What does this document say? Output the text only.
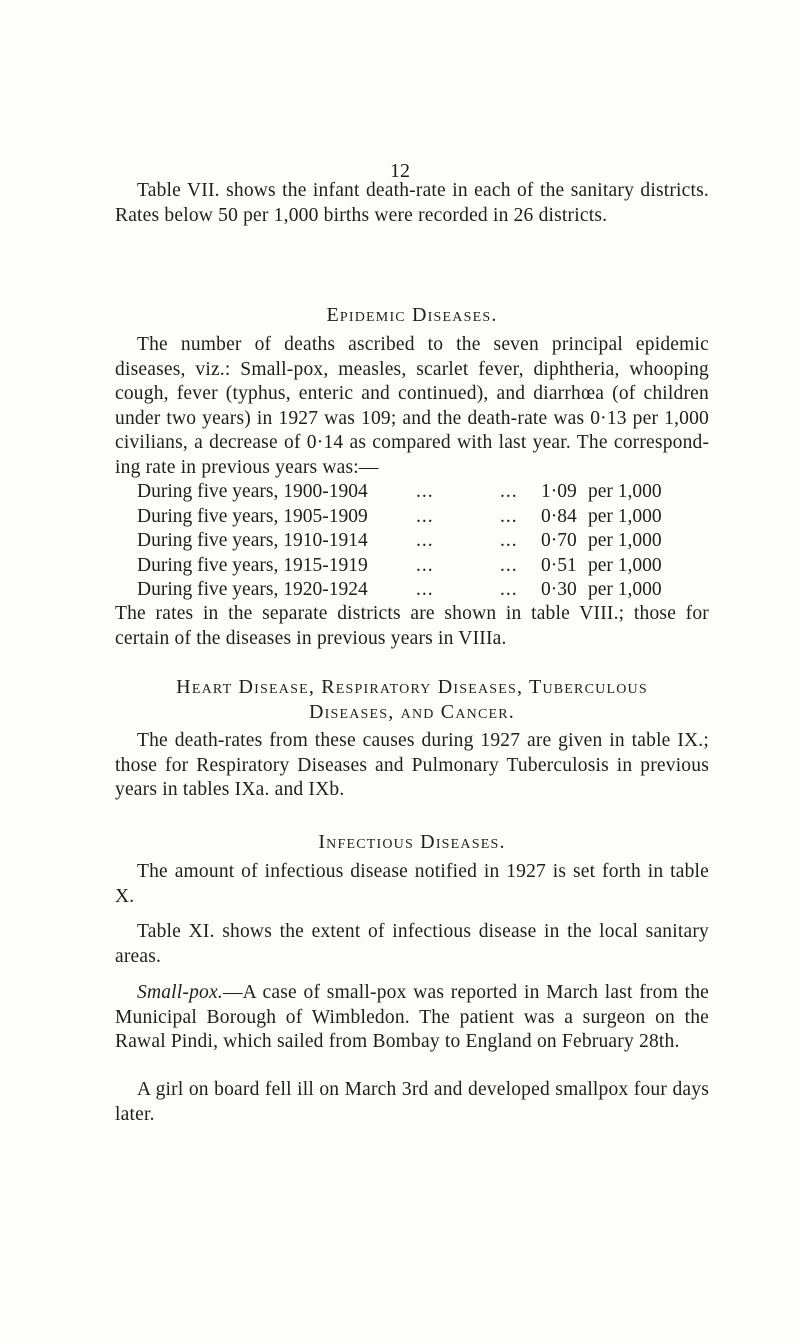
12

Table VII. shows the infant death-rate in each of the sanitary districts. Rates below 50 per 1,000 births were recorded in 26 districts.

Epidemic Diseases.

The number of deaths ascribed to the seven principal epidemic diseases, viz.: Small-pox, measles, scarlet fever, diphtheria, whooping cough, fever (typhus, enteric and continued), and diarrhœa (of children under two years) in 1927 was 109; and the death-rate was 0·13 per 1,000 civilians, a decrease of 0·14 as compared with last year. The corresponding rate in previous years was:—

During five years, 1900-1904 ...	... 1·09 per 1,000
During five years, 1905-1909 ...	... 0·84 per 1,000
During five years, 1910-1914 ...	... 0·70 per 1,000
During five years, 1915-1919 ...	... 0·51 per 1,000
During five years, 1920-1924 ...	... 0·30 per 1,000

The rates in the separate districts are shown in table VIII.; those for certain of the diseases in previous years in VIIIa.

Heart Disease, Respiratory Diseases, Tuberculous
Diseases, and Cancer.

The death-rates from these causes during 1927 are given in table IX.; those for Respiratory Diseases and Pulmonary Tuberculosis in previous years in tables IXa. and IXb.

Infectious Diseases.

The amount of infectious disease notified in 1927 is set forth in table X.

Table XI. shows the extent of infectious disease in the local sanitary areas.

Small-pox.—A case of small-pox was reported in March last from the Municipal Borough of Wimbledon. The patient was a surgeon on the Rawal Pindi, which sailed from Bombay to England on February 28th.

A girl on board fell ill on March 3rd and developed smallpox four days later.
